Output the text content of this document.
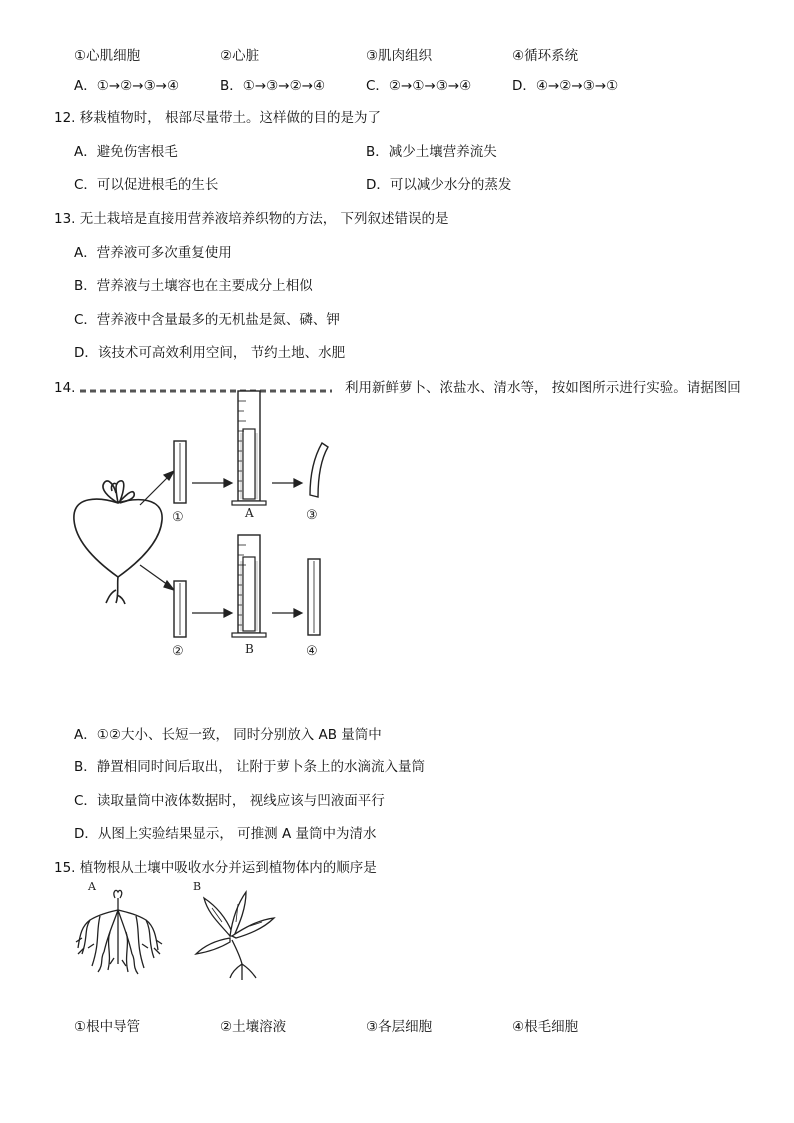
①心肌细胞	②心脏	③肌肉组织	④循环系统
A．①→②→③→④	B．①→③→②→④	C．②→①→③→④	D．④→②→③→①
12. 移栽植物时， 根部尽量带土。这样做的目的是为了
A．避免伤害根毛	B．减少土壤营养流失
C．可以促进根毛的生长	D．可以减少水分的蒸发
13. 无土栽培是直接用营养液培养织物的方法， 下列叙述错误的是
A．营养液可多次重复使用
B．营养液与土壤容也在主要成分上相似
C．营养液中含量最多的无机盐是氮、磷、钾
D．该技术可高效利用空间， 节约土地、水肥
14.	利用新鲜萝卜、浓盐水、清水等， 按如图所示进行实验。请据图回
①	A	③
②	B	④
A．①②大小、长短一致， 同时分别放入 AB 量筒中
B．静置相同时间后取出， 让附于萝卜条上的水滴流入量筒
C．读取量筒中液体数据时， 视线应该与凹液面平行
D．从图上实验结果显示， 可推测 A 量筒中为清水
15. 植物根从土壤中吸收水分并运到植物体内的顺序是
A	B
①根中导管	②土壤溶液	③各层细胞	④根毛细胞
